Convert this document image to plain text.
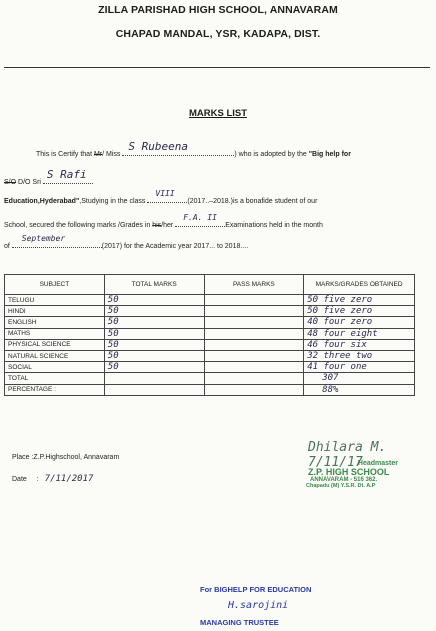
ZILLA PARISHAD HIGH SCHOOL, ANNAVARAM
CHAPAD MANDAL, YSR, KADAPA, DIST.
MARKS LIST
This is Certify that Mr/ Miss
S Rubeena
) who is adopted by the "Big help for
S/O D/O Sri
S Rafi
Education,Hyderabad",Studying in the class
VIII
(2017..–2018.)is a bonafide student of our
School, secured the following marks /Grades in his/her
F.A. II
Examinations held in the month
of
September
(2017) for the Academic year 2017... to 2018....
SUBJECT	TOTAL MARKS	PASS MARKS	MARKS/GRADES OBTAINED
TELUGU	50		50 five zero
HINDI	50		50 five zero
ENGLISH	50		40 four zero
MATHS	50		48 four eight
PHYSICAL SCIENCE	50		46 four six
NATURAL SCIENCE	50		32 three two
SOCIAL	50		41 four one
TOTAL			307
PERCENTAGE :			88%
Place :Z.P.Highschool, Annavaram
Date : 7/11/2017
Dhilara M. 7/11/17
Headmaster
Z.P. HIGH SCHOOL
ANNAVARAM - 516 362.
Chapadu (M) Y.S.R. Dt. A.P
For BIGHELP FOR EDUCATION
H.sarojini
MANAGING TRUSTEE
